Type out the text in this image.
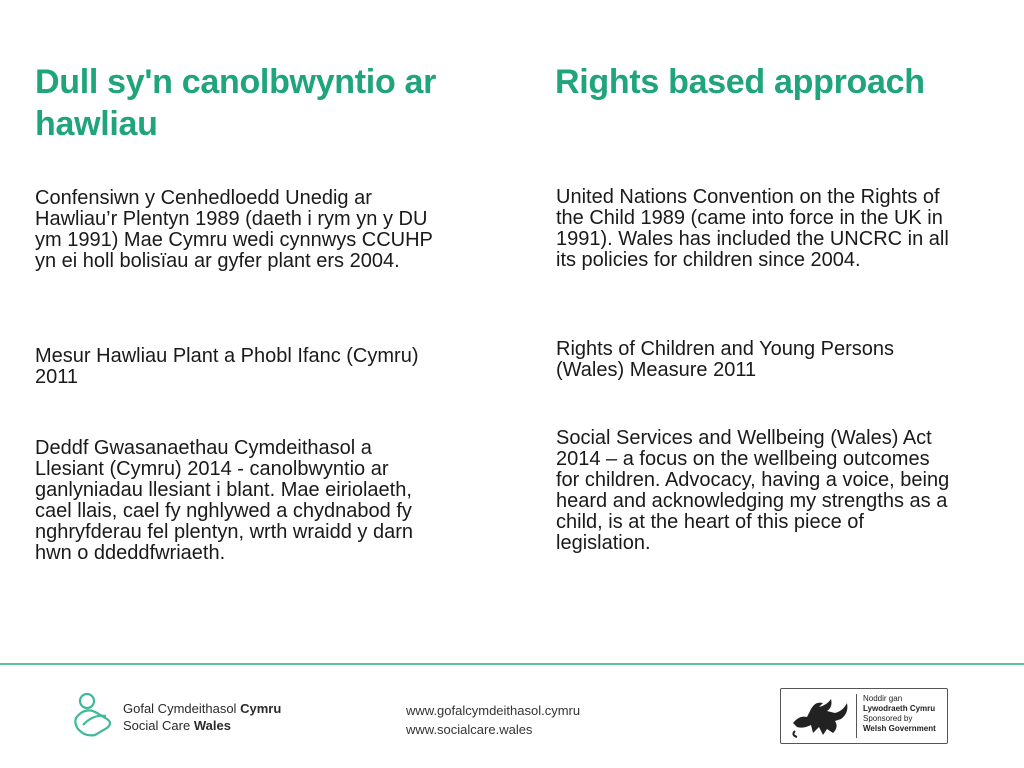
Dull sy'n canolbwyntio ar hawliau
Rights based approach

Confensiwn y Cenhedloedd Unedig ar Hawliau’r Plentyn 1989 (daeth i rym yn y DU ym 1991) Mae Cymru wedi cynnwys CCUHP yn ei holl bolisïau ar gyfer plant ers 2004.

Mesur Hawliau Plant a Phobl Ifanc (Cymru) 2011

Deddf Gwasanaethau Cymdeithasol a Llesiant (Cymru) 2014 - canolbwyntio ar ganlyniadau llesiant i blant. Mae eiriolaeth, cael llais, cael fy nghlywed a chydnabod fy nghryfderau fel plentyn, wrth wraidd y darn hwn o ddeddfwriaeth.

United Nations Convention on the Rights of the Child 1989 (came into force in the UK in 1991). Wales has included the UNCRC in all its policies for children since 2004.

Rights of Children and Young Persons (Wales) Measure 2011

Social Services and Wellbeing (Wales) Act 2014 – a focus on the wellbeing outcomes for children. Advocacy, having a voice, being heard and acknowledging my strengths as a child, is at the heart of this piece of legislation.

Gofal Cymdeithasol Cymru
Social Care Wales
www.gofalcymdeithasol.cymru
www.socialcare.wales
Noddir gan
Lywodraeth Cymru
Sponsored by
Welsh Government
